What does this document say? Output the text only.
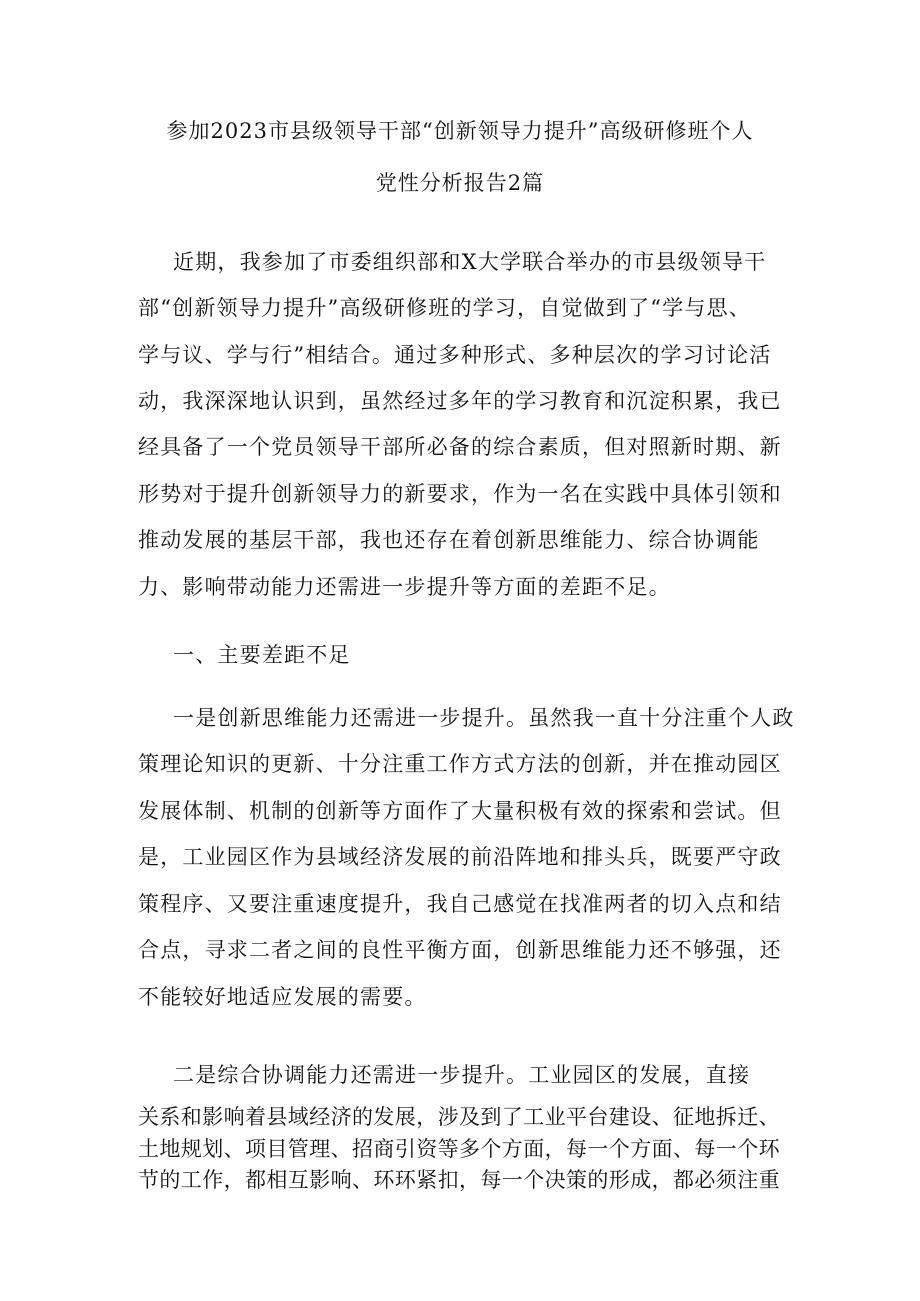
参加2023市县级领导干部“创新领导力提升”高级研修班个人
党性分析报告2篇
近期，我参加了市委组织部和X大学联合举办的市县级领导干
部“创新领导力提升”高级研修班的学习，自觉做到了“学与思、
学与议、学与行”相结合。通过多种形式、多种层次的学习讨论活
动，我深深地认识到，虽然经过多年的学习教育和沉淀积累，我已
经具备了一个党员领导干部所必备的综合素质，但对照新时期、新
形势对于提升创新领导力的新要求，作为一名在实践中具体引领和
推动发展的基层干部，我也还存在着创新思维能力、综合协调能
力、影响带动能力还需进一步提升等方面的差距不足。
一、主要差距不足
一是创新思维能力还需进一步提升。虽然我一直十分注重个人政
策理论知识的更新、十分注重工作方式方法的创新，并在推动园区
发展体制、机制的创新等方面作了大量积极有效的探索和尝试。但
是，工业园区作为县域经济发展的前沿阵地和排头兵，既要严守政
策程序、又要注重速度提升，我自己感觉在找准两者的切入点和结
合点，寻求二者之间的良性平衡方面，创新思维能力还不够强，还
不能较好地适应发展的需要。
二是综合协调能力还需进一步提升。工业园区的发展，直接
关系和影响着县域经济的发展，涉及到了工业平台建设、征地拆迁、
土地规划、项目管理、招商引资等多个方面，每一个方面、每一个环
节的工作，都相互影响、环环紧扣，每一个决策的形成，都必须注重
